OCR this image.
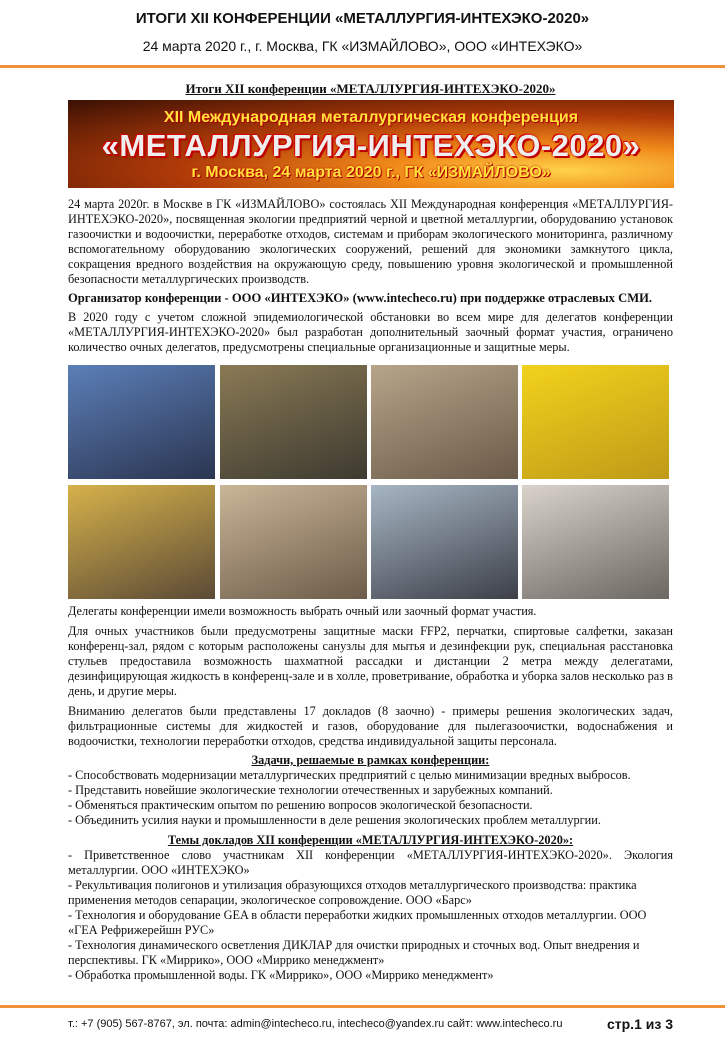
ИТОГИ XII КОНФЕРЕНЦИИ «МЕТАЛЛУРГИЯ-ИНТЕХЭКО-2020»
24 марта 2020 г., г. Москва, ГК «ИЗМАЙЛОВО», ООО «ИНТЕХЭКО»
Итоги XII конференции «МЕТАЛЛУРГИЯ-ИНТЕХЭКО-2020»
XII Международная металлургическая конференция
«МЕТАЛЛУРГИЯ-ИНТЕХЭКО-2020»
г. Москва, 24 марта 2020 г., ГК «ИЗМАЙЛОВО»

24 марта 2020г. в Москве в ГК «ИЗМАЙЛОВО» состоялась XII Международная конференция «МЕТАЛЛУРГИЯ-ИНТЕХЭКО-2020», посвященная экологии предприятий черной и цветной металлургии, оборудованию установок газоочистки и водоочистки, переработке отходов, системам и приборам экологического мониторинга, различному вспомогательному оборудованию экологических сооружений, решений для экономики замкнутого цикла, сокращения вредного воздействия на окружающую среду, повышению уровня экологической и промышленной безопасности металлургических производств.

Организатор конференции - ООО «ИНТЕХЭКО» (www.intecheco.ru) при поддержке отраслевых СМИ.

В 2020 году с учетом сложной эпидемиологической обстановки во всем мире для делегатов конференции «МЕТАЛЛУРГИЯ-ИНТЕХЭКО-2020» был разработан дополнительный заочный формат участия, ограничено количество очных делегатов, предусмотрены специальные организационные и защитные меры.

Делегаты конференции имели возможность выбрать очный или заочный формат участия.

Для очных участников были предусмотрены защитные маски FFP2, перчатки, спиртовые салфетки, заказан конференц-зал, рядом с которым расположены санузлы для мытья и дезинфекции рук, специальная расстановка стульев предоставила возможность шахматной рассадки и дистанции 2 метра между делегатами, дезинфицирующая жидкость в конференц-зале и в холле, проветривание, обработка и уборка залов несколько раз в день, и другие меры.

Вниманию делегатов были представлены 17 докладов (8 заочно) - примеры решения экологических задач, фильтрационные системы для жидкостей и газов, оборудование для пылегазоочистки, водоснабжения и водоочистки, технологии переработки отходов, средства индивидуальной защиты персонала.

Задачи, решаемые в рамках конференции:
- Способствовать модернизации металлургических предприятий с целью минимизации вредных выбросов.
- Представить новейшие экологические технологии отечественных и зарубежных компаний.
- Обменяться практическим опытом по решению вопросов экологической безопасности.
- Объединить усилия науки и промышленности в деле решения экологических проблем металлургии.
Темы докладов XII конференции «МЕТАЛЛУРГИЯ-ИНТЕХЭКО-2020»:
- Приветственное слово участникам XII конференции «МЕТАЛЛУРГИЯ-ИНТЕХЭКО-2020». Экология металлургии. ООО «ИНТЕХЭКО»
- Рекультивация полигонов и утилизация образующихся отходов металлургического производства: практика применения методов сепарации, экологическое сопровождение. ООО «Барс»
- Технология и оборудование GEA в области переработки жидких промышленных отходов металлургии. ООО «ГЕА Рефрижерейшн РУС»
- Технология динамического осветления ДИКЛАР для очистки природных и сточных вод. Опыт внедрения и перспективы. ГК «Миррико», ООО «Миррико менеджмент»
- Обработка промышленной воды. ГК «Миррико», ООО «Миррико менеджмент»
т.: +7 (905) 567-8767, эл. почта: admin@intecheco.ru, intecheco@yandex.ru сайт: www.intecheco.ru	стр.1 из 3
